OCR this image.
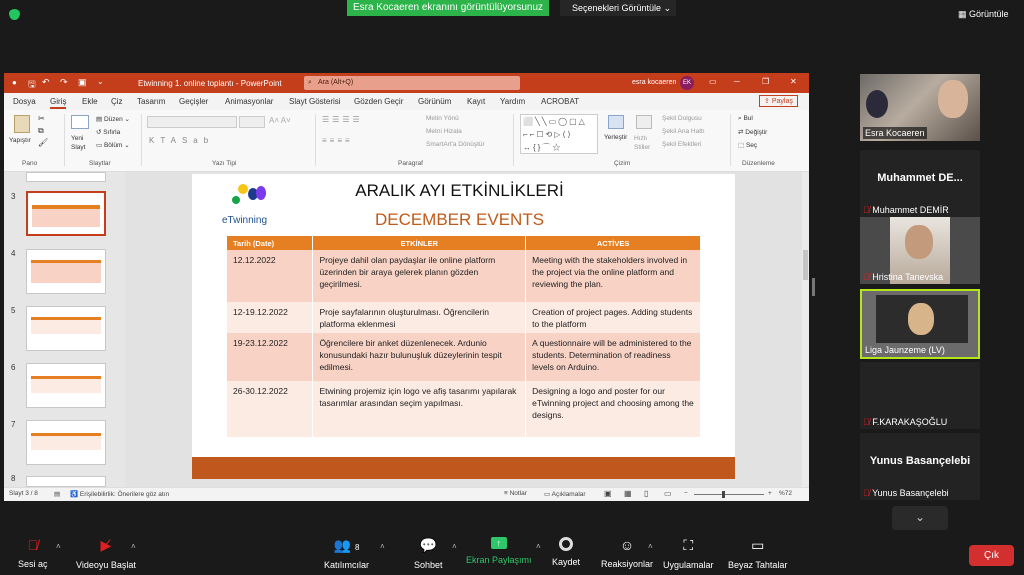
Esra Kocaeren ekranını görüntülüyorsunuz	Seçenekleri Görüntüle ⌄
▦ Görüntüle
● 🖫 ↶ ↷ ▣ ⌄	Etwinning 1. online toplantı - PowerPoint	⌕ Ara (Alt+Q)	esra kocaeren	EK	▭ ─	❐	✕
Dosya Giriş Ekle Çiz Tasarım Geçişler Animasyonlar Slayt Gösterisi Gözden Geçir Görünüm Kayıt Yardım ACROBAT	⇪ Paylaş
Yapıştır
✂
⧉
🖌
Pano
Yeni Slayt
▤ Düzen ⌄
↺ Sıfırla
▭ Bölüm ⌄
Slaytlar
A˄ A˅
KTASab
Yazı Tipi
☰☰☰☰
≡≡≡≡
Metin Yönü
Metni Hizala
SmartArt'a Dönüştür
Paragraf
⬜╲╲▭◯▢△
⌐⌐☐⟲▷⟨⟩
↔{}⌒☆
Yerleştir Hızlı Stiller
Şekil Dolgusu
Şekil Ana Hattı
Şekil Efektleri
Çizim
⌕ Bul
⇄ Değiştir
⬚ Seç
Düzenleme
3
4
5
6
7
8
eTwinning
ARALIK AYI ETKİNLİKLERİ
DECEMBER EVENTS
Tarih (Date)	ETKİNLER	ACTİVES
12.12.2022	Projeye dahil olan paydaşlar ile online platform üzerinden bir araya gelerek planın gözden geçirilmesi.	Meeting with the stakeholders involved in the project via the online platform and reviewing the plan.
12-19.12.2022	Proje sayfalarının oluşturulması. Öğrencilerin platforma eklenmesi	Creation of project pages. Adding students to the platform
19-23.12.2022	Öğrencilere bir anket düzenlenecek. Ardunio konusundaki hazır bulunuşluk düzeylerinin tespit edilmesi.	A questionnaire will be administered to the students. Determination of readiness levels on Arduino.
26-30.12.2022	Etwining projemiz için logo ve afiş tasarımı yapılarak tasarımlar arasından seçim yapılması.	Designing a logo and poster for our eTwinning project and choosing among the designs.
Slayt 3 / 8 ▤ ♿ Erişilebilirlik: Önerilere göz atın	≡ Notlar	▭ Açıklamalar ▣ ▦ ▯ ▭ −	+ %72
Esra Kocaeren
Muhammet DE...
🎙̸ Muhammet DEMİR
🎙̸ Hristina Tanevska
Liga Jaunzeme (LV)
🎙̸ F.KARAKAŞOĞLU
Yunus Basançelebi
🎙̸ Yunus Basançelebi
⌄
🎙̸
Sesi aç
˄	▶̸
Videoyu Başlat
˄	👥 8
Katılımcılar
˄	💬
Sohbet
˄	↑
Ekran Paylaşımı
˄
Kaydet
☺
Reaksiyonlar
˄	⛶
Uygulamalar
▭
Beyaz Tahtalar
Çık
